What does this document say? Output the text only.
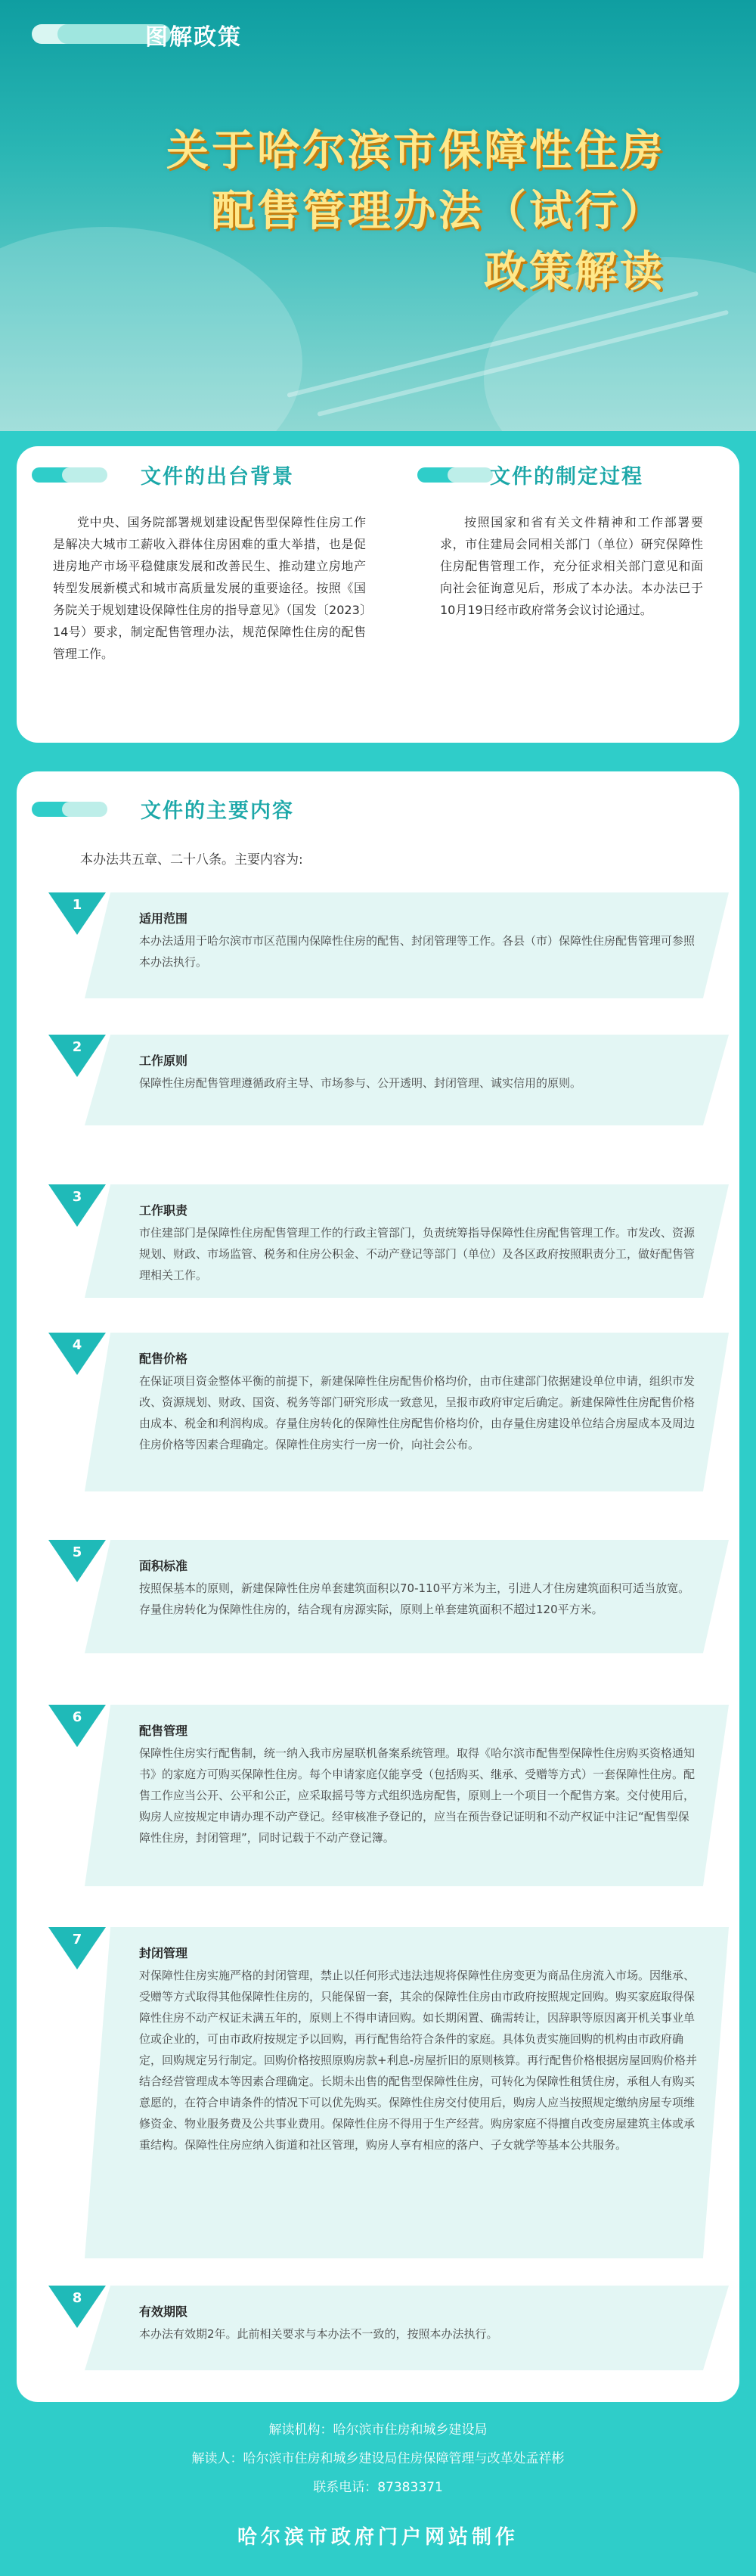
图解政策
关于哈尔滨市保障性住房
配售管理办法（试行）
政策解读
文件的出台背景
党中央、国务院部署规划建设配售型保障性住房工作是解决大城市工薪收入群体住房困难的重大举措，也是促进房地产市场平稳健康发展和改善民生、推动建立房地产转型发展新模式和城市高质量发展的重要途径。按照《国务院关于规划建设保障性住房的指导意见》（国发〔2023〕14号）要求，制定配售管理办法，规范保障性住房的配售管理工作。
文件的制定过程
按照国家和省有关文件精神和工作部署要求，市住建局会同相关部门（单位）研究保障性住房配售管理工作，充分征求相关部门意见和面向社会征询意见后，形成了本办法。本办法已于10月19日经市政府常务会议讨论通过。
文件的主要内容
本办法共五章、二十八条。主要内容为:
1
适用范围
本办法适用于哈尔滨市市区范围内保障性住房的配售、封闭管理等工作。各县（市）保障性住房配售管理可参照本办法执行。
2
工作原则
保障性住房配售管理遵循政府主导、市场参与、公开透明、封闭管理、诚实信用的原则。
3
工作职责
市住建部门是保障性住房配售管理工作的行政主管部门，负责统筹指导保障性住房配售管理工作。市发改、资源规划、财政、市场监管、税务和住房公积金、不动产登记等部门（单位）及各区政府按照职责分工，做好配售管理相关工作。
4
配售价格
在保证项目资金整体平衡的前提下，新建保障性住房配售价格均价，由市住建部门依据建设单位申请，组织市发改、资源规划、财政、国资、税务等部门研究形成一致意见，呈报市政府审定后确定。新建保障性住房配售价格由成本、税金和利润构成。存量住房转化的保障性住房配售价格均价，由存量住房建设单位结合房屋成本及周边住房价格等因素合理确定。保障性住房实行一房一价，向社会公布。
5
面积标准
按照保基本的原则，新建保障性住房单套建筑面积以70-110平方米为主，引进人才住房建筑面积可适当放宽。存量住房转化为保障性住房的，结合现有房源实际，原则上单套建筑面积不超过120平方米。
6
配售管理
保障性住房实行配售制，统一纳入我市房屋联机备案系统管理。取得《哈尔滨市配售型保障性住房购买资格通知书》的家庭方可购买保障性住房。每个申请家庭仅能享受（包括购买、继承、受赠等方式）一套保障性住房。配售工作应当公开、公平和公正，应采取摇号等方式组织选房配售，原则上一个项目一个配售方案。交付使用后，购房人应按规定申请办理不动产登记。经审核准予登记的，应当在预告登记证明和不动产权证中注记“配售型保障性住房，封闭管理”，同时记载于不动产登记簿。
7
封闭管理
对保障性住房实施严格的封闭管理，禁止以任何形式违法违规将保障性住房变更为商品住房流入市场。因继承、受赠等方式取得其他保障性住房的，只能保留一套，其余的保障性住房由市政府按照规定回购。购买家庭取得保障性住房不动产权证未满五年的，原则上不得申请回购。如长期闲置、确需转让，因辞职等原因离开机关事业单位或企业的，可由市政府按规定予以回购，再行配售给符合条件的家庭。具体负责实施回购的机构由市政府确定，回购规定另行制定。回购价格按照原购房款+利息-房屋折旧的原则核算。再行配售价格根据房屋回购价格并结合经营管理成本等因素合理确定。长期未出售的配售型保障性住房，可转化为保障性租赁住房，承租人有购买意愿的，在符合申请条件的情况下可以优先购买。保障性住房交付使用后，购房人应当按照规定缴纳房屋专项维修资金、物业服务费及公共事业费用。保障性住房不得用于生产经营。购房家庭不得擅自改变房屋建筑主体或承重结构。保障性住房应纳入街道和社区管理，购房人享有相应的落户、子女就学等基本公共服务。
8
有效期限
本办法有效期2年。此前相关要求与本办法不一致的，按照本办法执行。
解读机构：哈尔滨市住房和城乡建设局
解读人：哈尔滨市住房和城乡建设局住房保障管理与改革处孟祥彬
联系电话：87383371
哈尔滨市政府门户网站制作
